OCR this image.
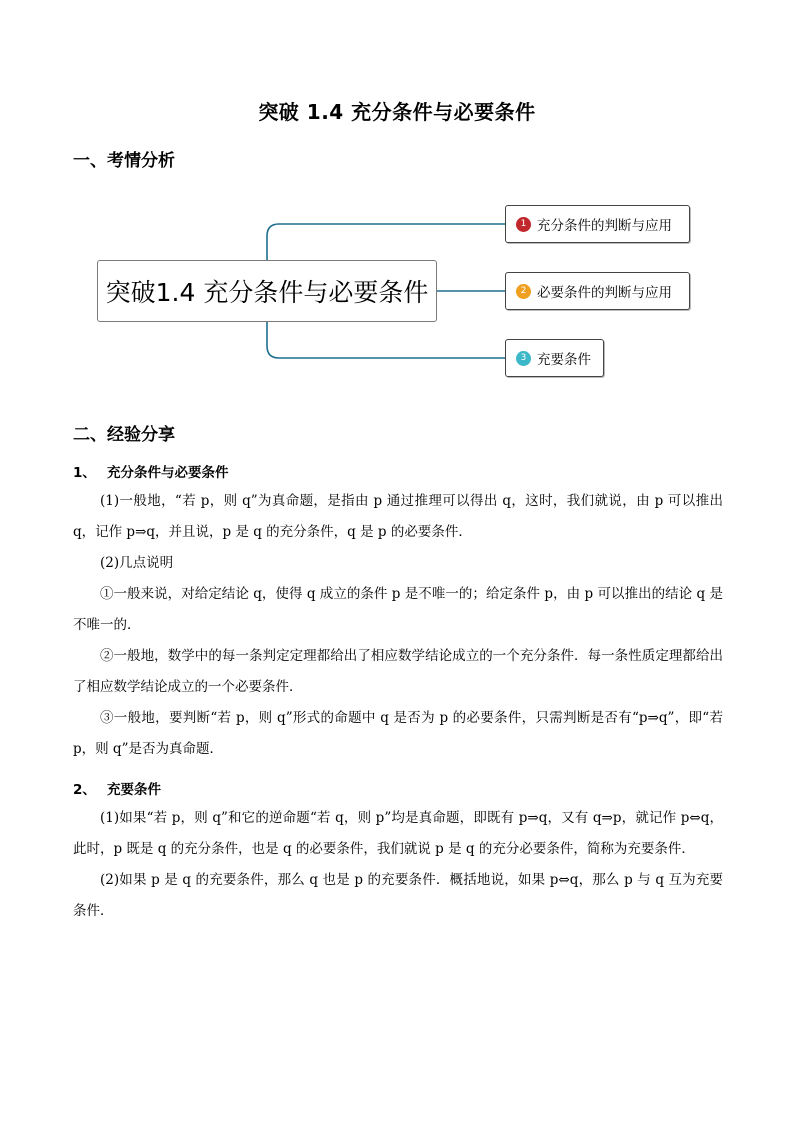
突破 1.4 充分条件与必要条件
一、考情分析
突破1.4 充分条件与必要条件
1 充分条件的判断与应用
2 必要条件的判断与应用
3 充要条件
二、经验分享
1、 充分条件与必要条件
(1)一般地，“若 p，则 q”为真命题，是指由 p 通过推理可以得出 q，这时，我们就说，由 p 可以推出 q，记作 p⇒q，并且说，p 是 q 的充分条件，q 是 p 的必要条件．
(2)几点说明
①一般来说，对给定结论 q，使得 q 成立的条件 p 是不唯一的；给定条件 p，由 p 可以推出的结论 q 是不唯一的．
②一般地，数学中的每一条判定定理都给出了相应数学结论成立的一个充分条件．每一条性质定理都给出了相应数学结论成立的一个必要条件．
③一般地，要判断“若 p，则 q”形式的命题中 q 是否为 p 的必要条件，只需判断是否有“p⇒q”，即“若 p，则 q”是否为真命题．
2、 充要条件
(1)如果“若 p，则 q”和它的逆命题“若 q，则 p”均是真命题，即既有 p⇒q，又有 q⇒p，就记作 p⇔q，此时，p 既是 q 的充分条件，也是 q 的必要条件，我们就说 p 是 q 的充分必要条件，简称为充要条件．
(2)如果 p 是 q 的充要条件，那么 q 也是 p 的充要条件．概括地说，如果 p⇔q，那么 p 与 q 互为充要条件．
